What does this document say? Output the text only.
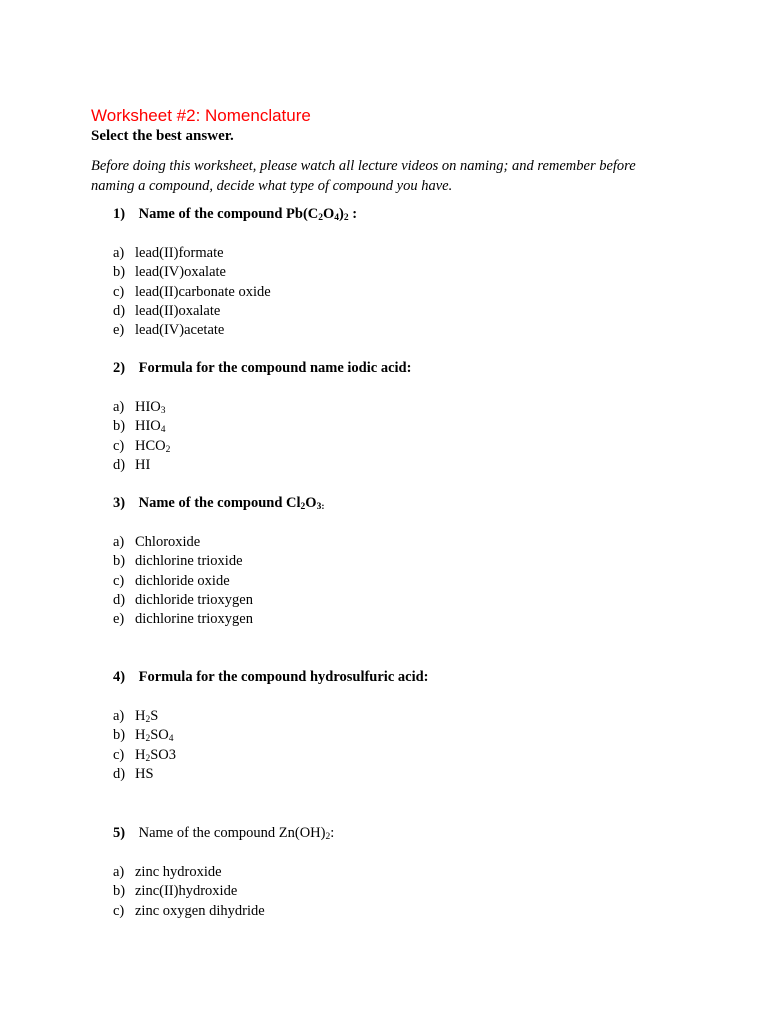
Worksheet #2: Nomenclature

Select the best answer.

Before doing this worksheet, please watch all lecture videos on naming; and remember before
naming a compound, decide what type of compound you have.

1) Name of the compound $Pb(C_2O_4)_2$ :

a) lead(II)formate
b) lead(IV)oxalate
c) lead(II)carbonate oxide
d) lead(II)oxalate
e) lead(IV)acetate

2) Formula for the compound name iodic acid:

a) $HIO_3$
b) $HIO_4$
c) $HCO_2$
d) HI

3) Name of the compound $Cl_2O_{3:}$

a) Chloroxide
b) dichlorine trioxide
c) dichloride oxide
d) dichloride trioxygen
e) dichlorine trioxygen

4) Formula for the compound hydrosulfuric acid:

a) $H_2S$
b) $H_2SO_4$
c) $H_2SO3$
d) HS

5) Name of the compound $Zn(OH)_2$:

a) zinc hydroxide
b) zinc(II)hydroxide
c) zinc oxygen dihydride
